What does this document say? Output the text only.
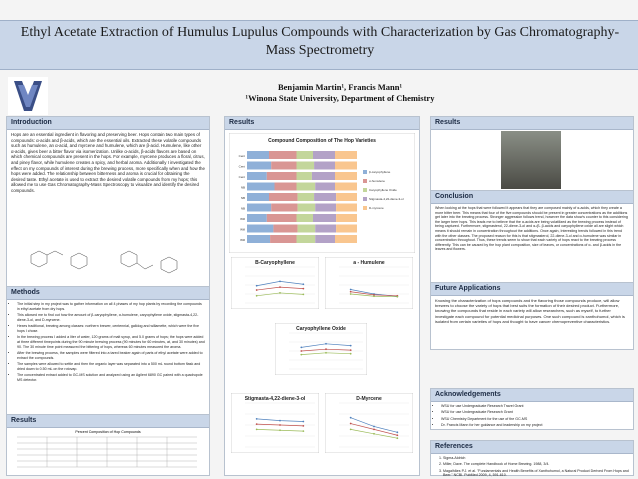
Ethyl Acetate Extraction of Humulus Lupulus Compounds with Characterization by Gas Chromatography-Mass Spectrometry
Benjamin Martin¹, Francis Mann¹
¹Winona State University, Department of Chemistry
Introduction
Hops are an essential ingredient in flavoring and preserving beer. Hops contain two main types of compounds: α-acids and β-acids, which are the essential oils. Extracted these volatile compounds such as humulene, an α-acid, and myrcene and humulene, which are β-acid. Humulene, like other α-acids, gives beer a bitter flavor via isomerization. Unlike α-acids, β-acids flavors are based on which chemical compounds are present in the hops. For example, myrcene produces a floral, citrus, and piney flavor, while humulene creates a spicy, and herbal aroma. Additionally I investigated the effect on my compounds of interest during the brewing process, more specifically when and how the hops were added. The relationship between bitterness and aroma is crucial for obtaining the desired taste. Ethyl acetate is used to extract the desired volatile compounds from my hops; this allowed me to use Gas Chromatography-Mass Spectroscopy to visualize and identify the desired compounds.
Methods
• The initial step in my project was to gather information on all 4 phases of my hop plants by recording the compounds in ethyl acetate from dry hops.
• This allowed me to find out how the amount of β-caryophyllene, α-humulene, caryophyllene oxide, stigmasta-4,22-diene-3-ol, and D-myrcene.
• Hexes traditional, brewing among classes: northern brewer, centennial, galldog and willamette, which were the five hops I chose.
• In the brewing process I added a liter of water, 120 grams of malt syrup, and 5.0 grams of hops; the hops were added at three different timepoints during the 90 minute brewing process (90 minutes for 60 minutes, at, and 30 minutes) and 90. The 30 minute time point measured the bittering of hops, whereas 60 minutes measured the aroma.
• After the brewing process, the samples were filtered into a tared beaker again of parts of ethyl acetate were added to extract the compounds.
• The samples were allowed to settle and then the organic layer was separated into a 500 mL round bottom flask and dried down to 0.50 mL on the rotovap.
• The concentrated extract added to GC-MS solution and analyzed using an Agilent 6890 GC paired with a quadrupole MS detector.
Results
Percent Composition of Hop Compounds
Results
Compound Composition of The Hop Varieties
Cent
Cent
Cent
NB
NB
NB
Will
Will
Will
β-caryophyllene
α-humulene
Caryophyllene Oxide
Stigmasta-4,22-diene-3-ol
D-myrcene
B-Caryophyllene	a - Humulene
Caryophyllene Oxide
Stigmasta-4,22-diene-3-ol	D-Myrcene
Results
Conclusion
When looking at the hops that were followed it appears that they are composed mainly of α-acids, which they create a more bitter beer. This means that four of the five compounds should be present in greater concentrations as the additions get later into the brewing process. Stronger aggression follows trend, however the data show's counter to this considering the larger beer hops. This leads me to believe that the α-acids are being volatilized as the brewing process instead of being captured. Furthermore, stigmasterol, 22-diene-3-ol and α-/β- β-acids and caryophyllene oxide all are slight which means it should remain in concentration throughout the additions. Once again, Interesting trends followed in this trend with the other classes. The proposed reason for this is that stigmasterol, 22-diene-3-ol and α-humulene was similar in concentration throughout. Thus, these trends seem to show that each variety of hops react to the brewing process differently. This can be caused by the hop plant composition, size of leaves, or concentrations of α- and β-acids in the leaves and flowers.
Future Applications
Knowing the characterization of hops compounds and the flavoring those compounds produce, will allow brewers to choose the variety of hops that best suits the formation of their desired product. Furthermore, knowing the compounds that reside in each variety will allow researchers, such as myself, to further investigate each compound for potential medicinal purposes. One such compound is xanthohumol, which is isolated from certain varieties of hops and thought to have cancer chemopreventive characteristics.
Acknowledgements
• WSU for use Undergraduate Research Travel Grant
• WSU for use Undergraduate Research Grant
• WSU Chemistry Department for the use of the GC-MS
• Dr. Francis Mann for her guidance and leadership on my project
References
1. Sigma-Aldrich
2. Miller, Dave. The complete Handbook of Home Brewing. 1988, 3/4.
3. Magalhães P.J. et al. "Fundamentals and Health Benefits of Xanthohumol, a Natural Product Derived From Hops and Beer." NCBI. PubMed 2009, 4, 591-610.
